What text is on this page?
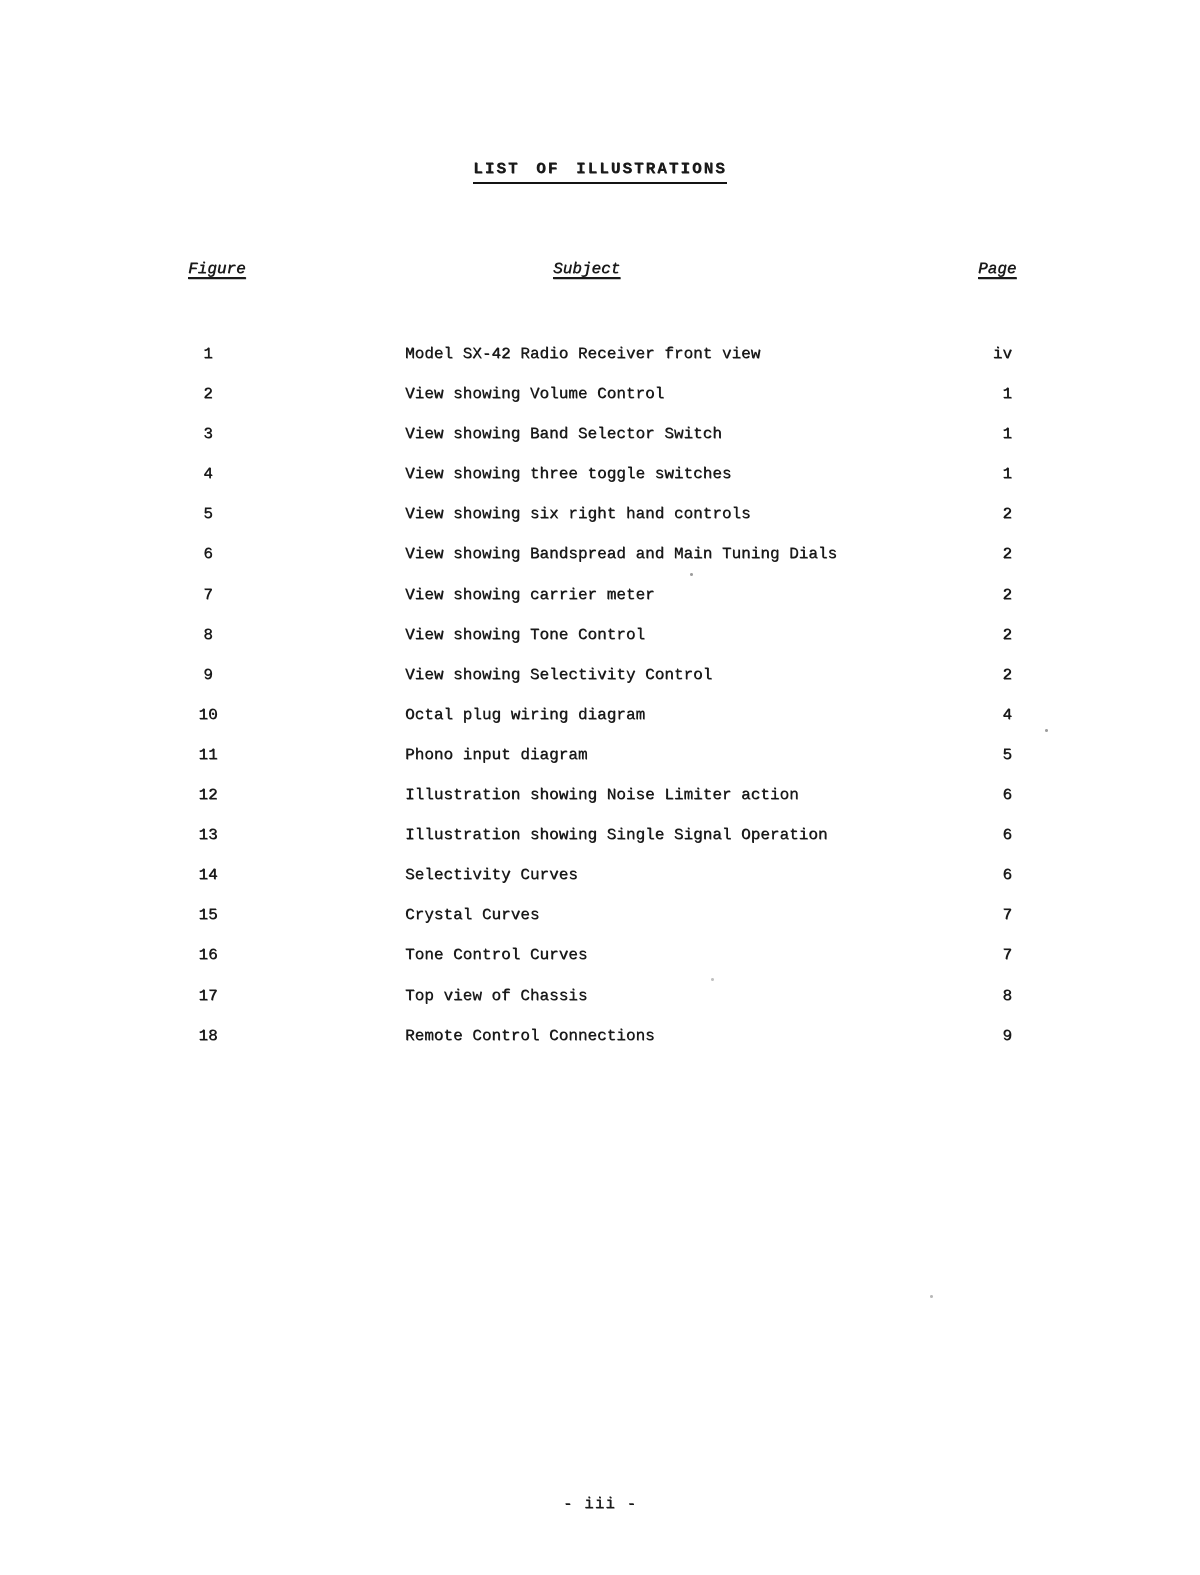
LIST OF ILLUSTRATIONS
Figure	Subject	Page
1	Model SX-42 Radio Receiver front view	iv
2	View showing Volume Control	1
3	View showing Band Selector Switch	1
4	View showing three toggle switches	1
5	View showing six right hand controls	2
6	View showing Bandspread and Main Tuning Dials	2
7	View showing carrier meter	2
8	View showing Tone Control	2
9	View showing Selectivity Control	2
10	Octal plug wiring diagram	4
11	Phono input diagram	5
12	Illustration showing Noise Limiter action	6
13	Illustration showing Single Signal Operation	6
14	Selectivity Curves	6
15	Crystal Curves	7
16	Tone Control Curves	7
17	Top view of Chassis	8
18	Remote Control Connections	9
- iii -
